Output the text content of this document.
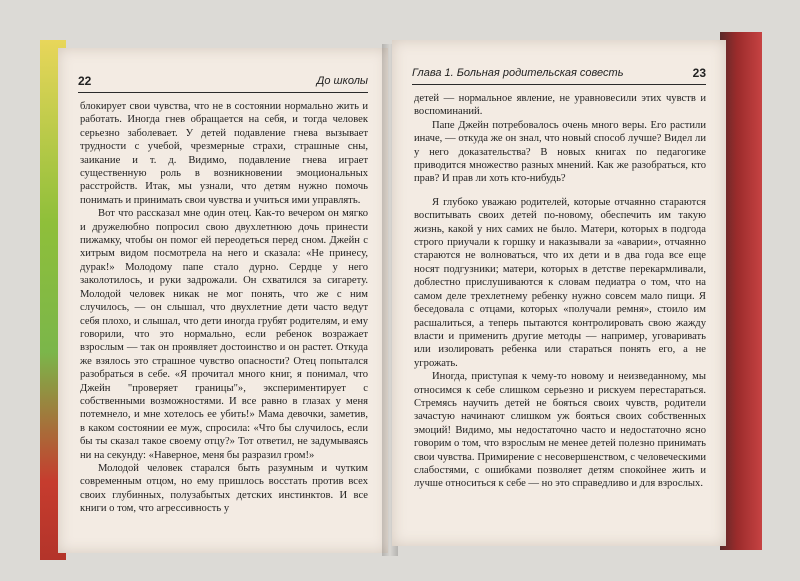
22	До школы

блокирует свои чувства, что не в состоянии нормально жить и работать. Иногда гнев обращается на себя, и тогда человек серьезно заболевает. У детей подавление гнева вызывает трудности с учебой, чрезмерные страхи, страшные сны, заикание и т. д. Видимо, подавление гнева играет существенную роль в возникновении эмоциональных расстройств. Итак, мы узнали, что детям нужно помочь понимать и принимать свои чувства и учиться ими управлять.

Вот что рассказал мне один отец. Как-то вечером он мягко и дружелюбно попросил свою двухлетнюю дочь принести пижамку, чтобы он помог ей переодеться перед сном. Джейн с хитрым видом посмотрела на него и сказала: «Не принесу, дурак!» Молодому папе стало дурно. Сердце у него заколотилось, и руки задрожали. Он схватился за сигарету. Молодой человек никак не мог понять, что же с ним случилось, — он слышал, что двухлетние дети часто ведут себя плохо, и слышал, что дети иногда грубят родителям, и ему говорили, что это нормально, если ребенок возражает взрослым — так он проявляет достоинство и он растет. Откуда же взялось это страшное чувство опасности? Отец попытался разобраться в себе. «Я прочитал много книг, я понимал, что Джейн "проверяет границы"», экспериментирует с собственными возможностями. И все равно в глазах у меня потемнело, и мне хотелось ее убить!» Мама девочки, заметив, в каком состоянии ее муж, спросила: «Что бы случилось, если бы ты сказал такое своему отцу?» Тот ответил, не задумываясь ни на секунду: «Наверное, меня бы разразил гром!»

Молодой человек старался быть разумным и чутким современным отцом, но ему пришлось восстать против всех своих глубинных, полузабытых детских инстинктов. И все книги о том, что агрессивность у

Глава 1. Больная родительская совесть	23

детей — нормальное явление, не уравновесили этих чувств и воспоминаний.

Папе Джейн потребовалось очень много веры. Его растили иначе, — откуда же он знал, что новый способ лучше? Видел ли у него доказательства? В новых книгах по педагогике приводится множество разных мнений. Как же разобраться, кто прав? И прав ли хоть кто-нибудь?

Я глубоко уважаю родителей, которые отчаянно стараются воспитывать своих детей по-новому, обеспечить им такую жизнь, какой у них самих не было. Матери, которых в подгода строго приучали к горшку и наказывали за «аварии», отчаянно стараются не волноваться, что их дети и в два года все еще носят подгузники; матери, которых в детстве перекармливали, доблестно прислушиваются к словам педиатра о том, что на самом деле трехлетнему ребенку нужно совсем мало пищи. Я беседовала с отцами, которых «получали ремня», стоило им расшалиться, а теперь пытаются контролировать свою жажду власти и применить другие методы — например, уговаривать или изолировать ребенка или стараться понять его, а не угрожать.

Иногда, приступая к чему-то новому и неизведанному, мы относимся к себе слишком серьезно и рискуем перестараться. Стремясь научить детей не бояться своих чувств, родители зачастую начинают слишком уж бояться своих собственных эмоций! Видимо, мы недостаточно часто и недостаточно ясно говорим о том, что взрослым не менее детей полезно принимать свои чувства. Примирение с несовершенством, с человеческими слабостями, с ошибками позволяет детям спокойнее жить и лучше относиться к себе — но это справедливо и для взрослых.
